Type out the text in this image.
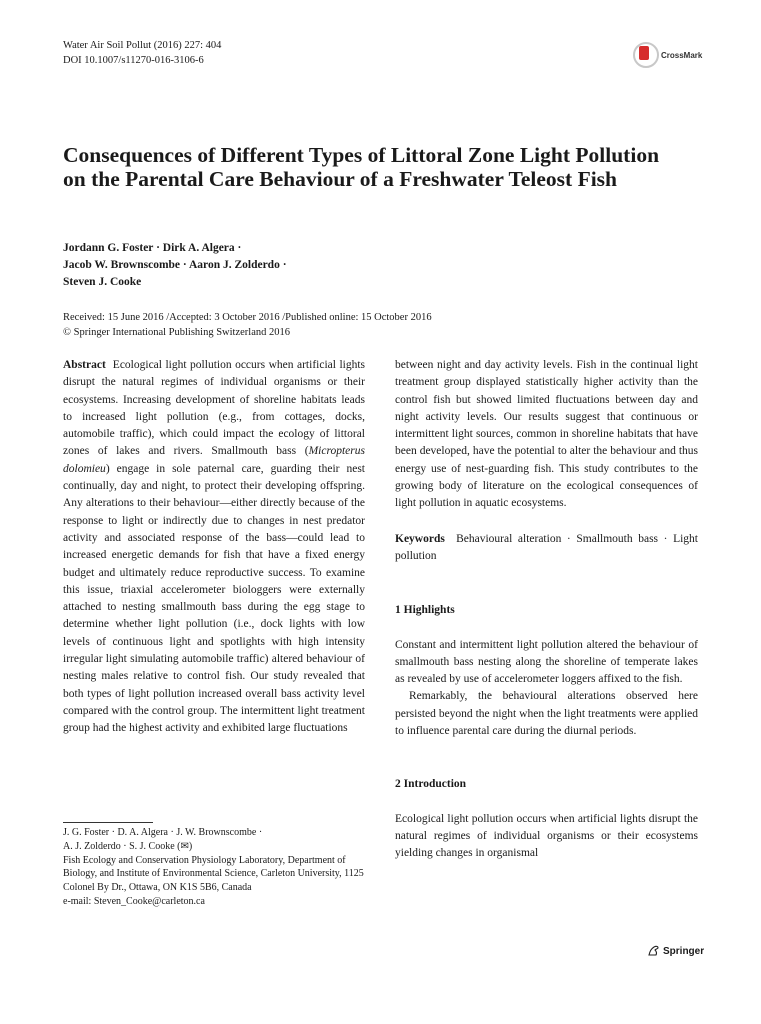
Water Air Soil Pollut (2016) 227: 404
DOI 10.1007/s11270-016-3106-6	CrossMark
Consequences of Different Types of Littoral Zone Light Pollution on the Parental Care Behaviour of a Freshwater Teleost Fish
Jordann G. Foster · Dirk A. Algera ·
Jacob W. Brownscombe · Aaron J. Zolderdo ·
Steven J. Cooke
Received: 15 June 2016 /Accepted: 3 October 2016 /Published online: 15 October 2016
© Springer International Publishing Switzerland 2016

Abstract Ecological light pollution occurs when artificial lights disrupt the natural regimes of individual organisms or their ecosystems. Increasing development of shoreline habitats leads to increased light pollution (e.g., from cottages, docks, automobile traffic), which could impact the ecology of littoral zones of lakes and rivers. Smallmouth bass (Micropterus dolomieu) engage in sole paternal care, guarding their nest continually, day and night, to protect their developing offspring. Any alterations to their behaviour—either directly because of the response to light or indirectly due to changes in nest predator activity and associated response of the bass—could lead to increased energetic demands for fish that have a fixed energy budget and ultimately reduce reproductive success. To examine this issue, triaxial accelerometer biologgers were externally attached to nesting smallmouth bass during the egg stage to determine whether light pollution (i.e., dock lights with low levels of continuous light and spotlights with high intensity irregular light simulating automobile traffic) altered behaviour of nesting males relative to control fish. Our study revealed that both types of light pollution increased overall bass activity level compared with the control group. The intermittent light treatment group had the highest activity and exhibited large fluctuations

between night and day activity levels. Fish in the continual light treatment group displayed statistically higher activity than the control fish but showed limited fluctuations between day and night activity levels. Our results suggest that continuous or intermittent light sources, common in shoreline habitats that have been developed, have the potential to alter the behaviour and thus energy use of nest-guarding fish. This study contributes to the growing body of literature on the ecological consequences of light pollution in aquatic ecosystems.

Keywords Behavioural alteration · Smallmouth bass · Light pollution

1 Highlights

Constant and intermittent light pollution altered the behaviour of smallmouth bass nesting along the shoreline of temperate lakes as revealed by use of accelerometer loggers affixed to the fish.

Remarkably, the behavioural alterations observed here persisted beyond the night when the light treatments were applied to influence parental care during the diurnal periods.

2 Introduction

Ecological light pollution occurs when artificial lights disrupt the natural regimes of individual organisms or their ecosystems yielding changes in organismal

J. G. Foster · D. A. Algera · J. W. Brownscombe ·
A. J. Zolderdo · S. J. Cooke (✉)
Fish Ecology and Conservation Physiology Laboratory, Department of Biology, and Institute of Environmental Science, Carleton University, 1125 Colonel By Dr., Ottawa, ON K1S 5B6, Canada
e-mail: Steven_Cooke@carleton.ca
Springer
